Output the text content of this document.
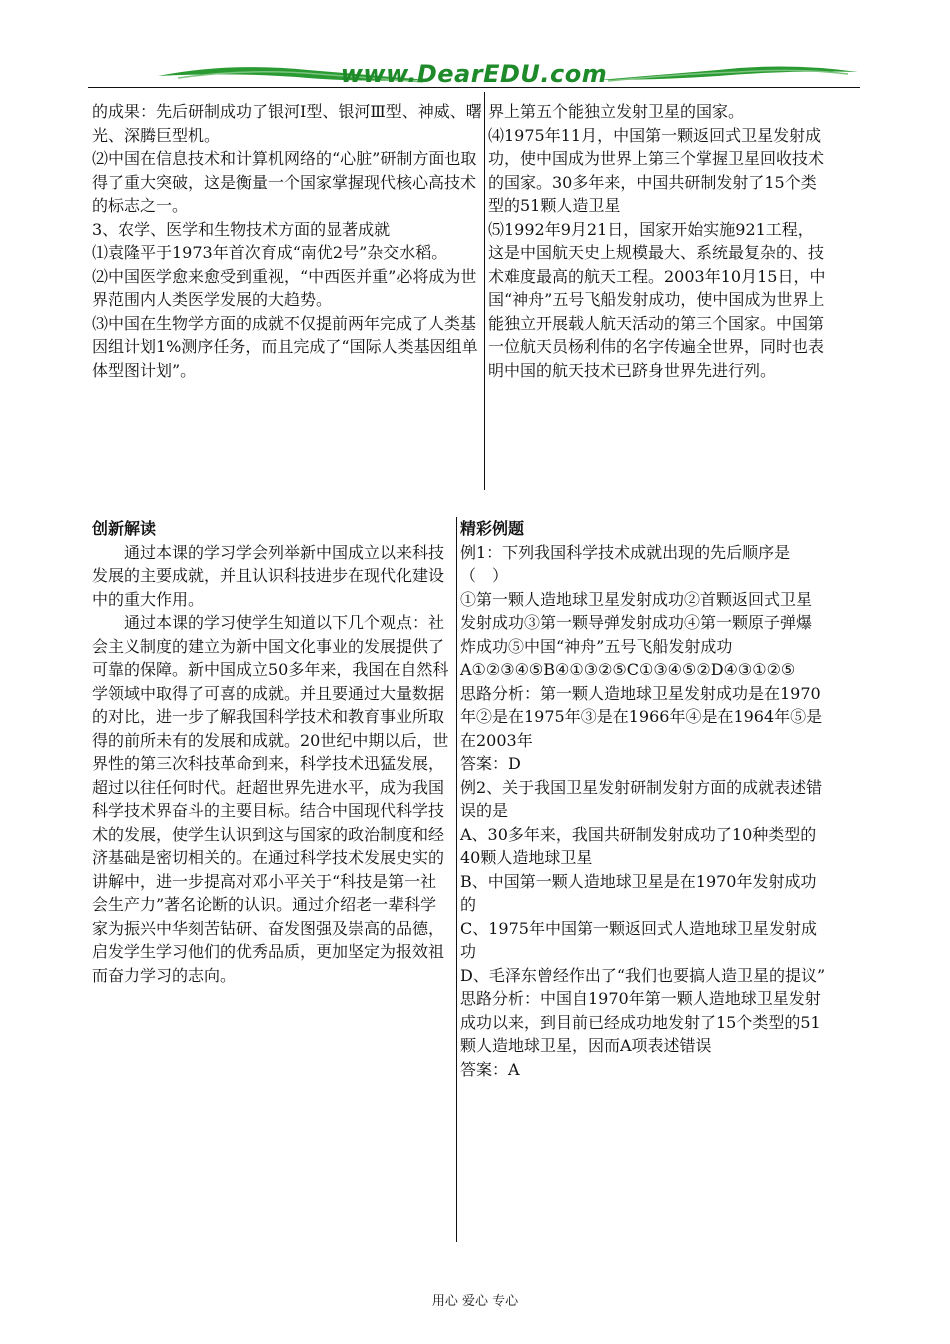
www.DearEDU.com

的成果：先后研制成功了银河Ⅰ型、银河Ⅲ型、神威、曙光、深腾巨型机。

⑵中国在信息技术和计算机网络的“心脏”研制方面也取得了重大突破，这是衡量一个国家掌握现代核心高技术的标志之一。

3、农学、医学和生物技术方面的显著成就

⑴袁隆平于1973年首次育成“南优2号”杂交水稻。

⑵中国医学愈来愈受到重视，“中西医并重”必将成为世界范围内人类医学发展的大趋势。

⑶中国在生物学方面的成就不仅提前两年完成了人类基因组计划1%测序任务，而且完成了“国际人类基因组单体型图计划”。

界上第五个能独立发射卫星的国家。

⑷1975年11月，中国第一颗返回式卫星发射成功，使中国成为世界上第三个掌握卫星回收技术的国家。30多年来，中国共研制发射了15个类型的51颗人造卫星

⑸1992年9月21日，国家开始实施921工程，这是中国航天史上规模最大、系统最复杂的、技术难度最高的航天工程。2003年10月15日，中国“神舟”五号飞船发射成功，使中国成为世界上能独立开展载人航天活动的第三个国家。中国第一位航天员杨利伟的名字传遍全世界，同时也表明中国的航天技术已跻身世界先进行列。

创新解读

通过本课的学习学会列举新中国成立以来科技发展的主要成就，并且认识科技进步在现代化建设中的重大作用。

通过本课的学习使学生知道以下几个观点：社会主义制度的建立为新中国文化事业的发展提供了可靠的保障。新中国成立50多年来，我国在自然科学领域中取得了可喜的成就。并且要通过大量数据的对比，进一步了解我国科学技术和教育事业所取得的前所未有的发展和成就。20世纪中期以后，世界性的第三次科技革命到来，科学技术迅猛发展，超过以往任何时代。赶超世界先进水平，成为我国科学技术界奋斗的主要目标。结合中国现代科学技术的发展，使学生认识到这与国家的政治制度和经济基础是密切相关的。在通过科学技术发展史实的讲解中，进一步提高对邓小平关于“科技是第一社会生产力”著名论断的认识。通过介绍老一辈科学家为振兴中华刻苦钻研、奋发图强及崇高的品德，启发学生学习他们的优秀品质，更加坚定为报效祖而奋力学习的志向。

精彩例题

例1：下列我国科学技术成就出现的先后顺序是（　）

①第一颗人造地球卫星发射成功②首颗返回式卫星发射成功③第一颗导弹发射成功④第一颗原子弹爆炸成功⑤中国“神舟”五号飞船发射成功

A①②③④⑤B④①③②⑤C①③④⑤②D④③①②⑤

思路分析：第一颗人造地球卫星发射成功是在1970年②是在1975年③是在1966年④是在1964年⑤是在2003年

答案：D

例2、关于我国卫星发射研制发射方面的成就表述错误的是

A、30多年来，我国共研制发射成功了10种类型的40颗人造地球卫星

B、中国第一颗人造地球卫星是在1970年发射成功的

C、1975年中国第一颗返回式人造地球卫星发射成功

D、毛泽东曾经作出了“我们也要搞人造卫星的提议”

思路分析：中国自1970年第一颗人造地球卫星发射成功以来，到目前已经成功地发射了15个类型的51颗人造地球卫星，因而A项表述错误

答案：A

用心 爱心 专心
